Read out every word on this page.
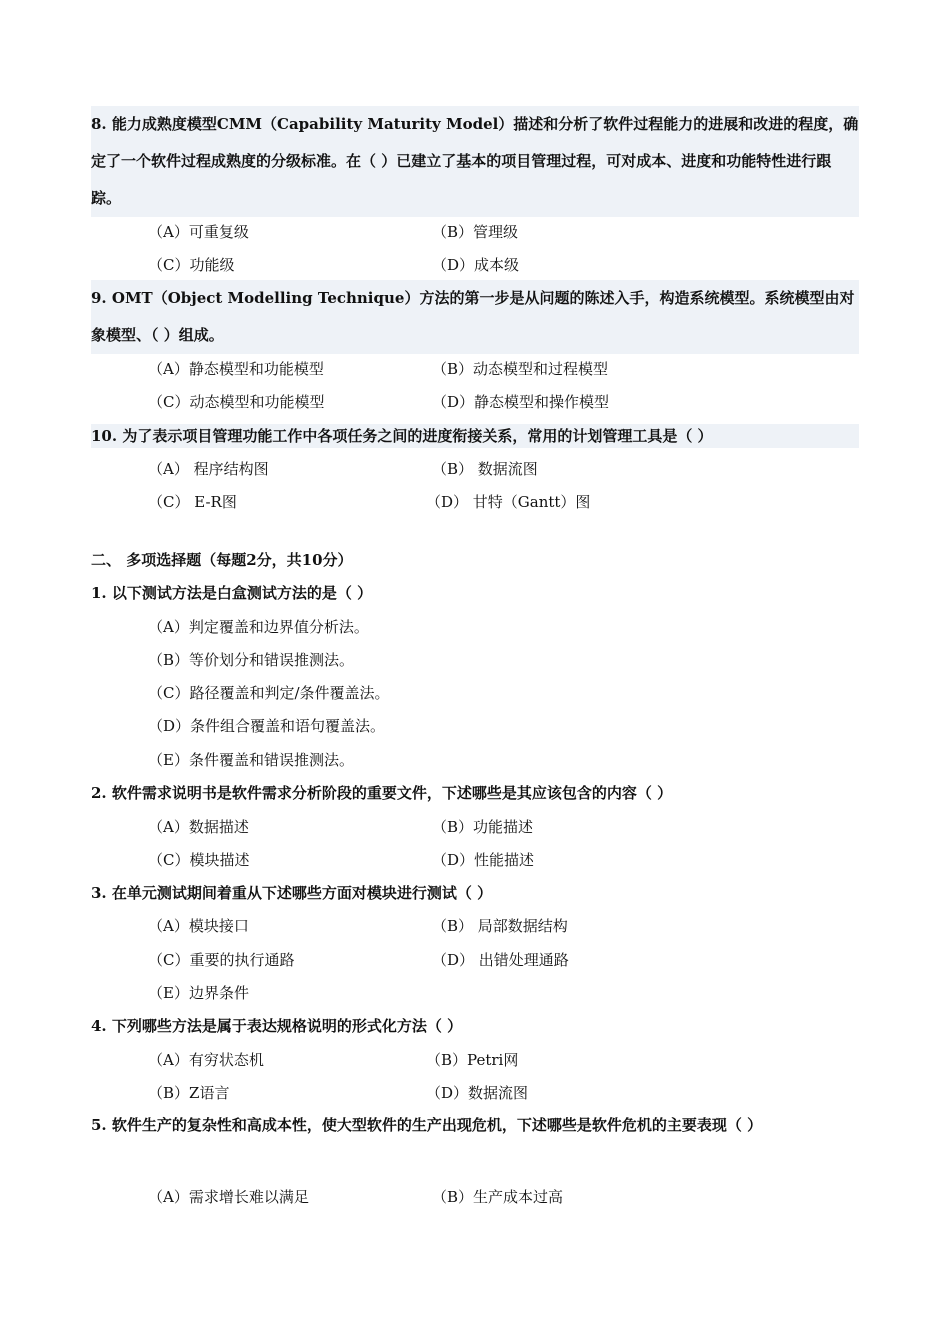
8. 能力成熟度模型CMM（Capability Maturity Model）描述和分析了软件过程能力的进展和改进的程度，确定了一个软件过程成熟度的分级标准。在（ ）已建立了基本的项目管理过程，可对成本、进度和功能特性进行跟踪。
（A）可重复级	（B）管理级
（C）功能级	（D）成本级
9. OMT（Object Modelling Technique）方法的第一步是从问题的陈述入手，构造系统模型。系统模型由对象模型、（ ）组成。
（A）静态模型和功能模型	（B）动态模型和过程模型
（C）动态模型和功能模型	（D）静态模型和操作模型
10. 为了表示项目管理功能工作中各项任务之间的进度衔接关系，常用的计划管理工具是（ ）
（A） 程序结构图	（B） 数据流图
（C） E-R图	（D） 甘特（Gantt）图
二、 多项选择题（每题2分，共10分）
1. 以下测试方法是白盒测试方法的是（ ）
（A）判定覆盖和边界值分析法。
（B）等价划分和错误推测法。
（C）路径覆盖和判定/条件覆盖法。
（D）条件组合覆盖和语句覆盖法。
（E）条件覆盖和错误推测法。
2. 软件需求说明书是软件需求分析阶段的重要文件，下述哪些是其应该包含的内容（ ）
（A）数据描述	（B）功能描述
（C）模块描述	（D）性能描述
3. 在单元测试期间着重从下述哪些方面对模块进行测试（ ）
（A）模块接口	（B） 局部数据结构
（C）重要的执行通路	（D） 出错处理通路
（E）边界条件
4. 下列哪些方法是属于表达规格说明的形式化方法（ ）
（A）有穷状态机	（B）Petri网
（B）Z语言	（D）数据流图
5. 软件生产的复杂性和高成本性，使大型软件的生产出现危机，下述哪些是软件危机的主要表现（ ）
（A）需求增长难以满足	（B）生产成本过高
